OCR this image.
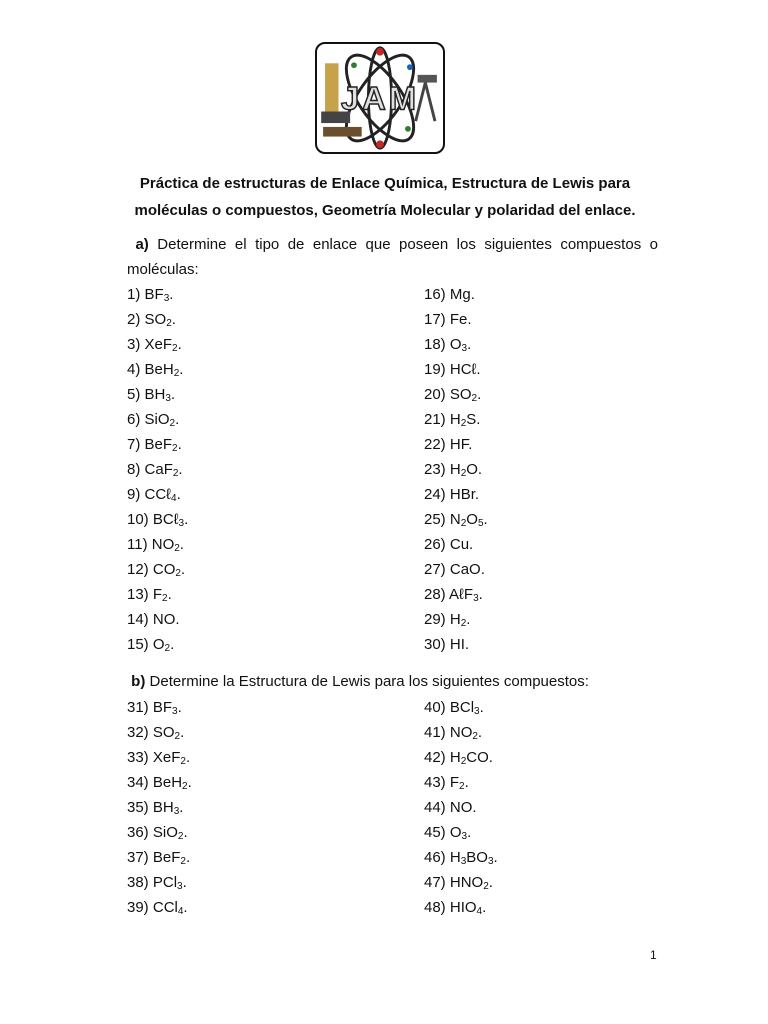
JAM
Práctica de estructuras de Enlace Química, Estructura de Lewis para moléculas o compuestos, Geometría Molecular y polaridad del enlace.
a) Determine el tipo de enlace que poseen los siguientes compuestos o moléculas:
1) $BF_3$.
2) $SO_2$.
3) XeF$_2$.
4) BeH$_2$.
5) $BH_3$.
6) SiO$_2$.
7) BeF$_2$.
8) CaF$_2$.
9) CCℓ$_4$.
10) BCℓ$_3$.
11) $NO_2$.
12) $CO_2$.
13) $F_2$.
14) NO.
15) $O_2$.
16) Mg.
17) Fe.
18) $O_3$.
19) HCℓ.
20) $SO_2$.
21) $H_2S$.
22) HF.
23) $H_2O$.
24) HBr.
25) $N_2O_5$.
26) Cu.
27) CaO.
28) AℓF$_3$.
29) $H_2$.
30) HI.
b) Determine la Estructura de Lewis para los siguientes compuestos:
31) $BF_3$.
32) $SO_2$.
33) XeF$_2$.
34) BeH$_2$.
35) $BH_3$.
36) SiO$_2$.
37) BeF$_2$.
38) PCl$_3$.
39) CCl$_4$.
40) BCl$_3$.
41) $NO_2$.
42) $H_2CO$.
43) $F_2$.
44) NO.
45) $O_3$.
46) $H_3BO_3$.
47) $HNO_2$.
48) $HIO_4$.
1
